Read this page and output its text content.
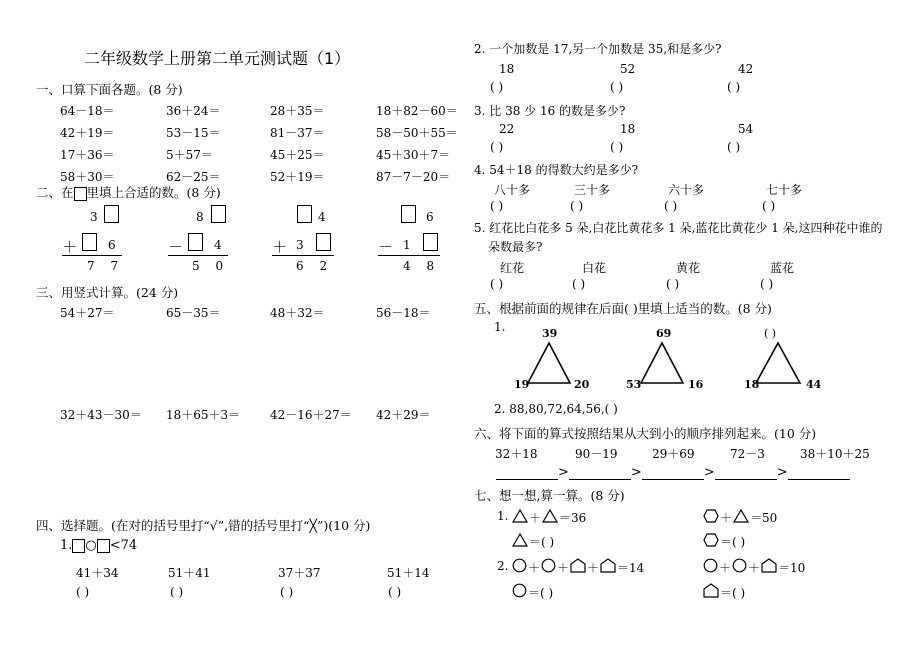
二年级数学上册第二单元测试题（1）
一、口算下面各题。(8 分)
64－18＝	36＋24＝	28＋35＝	18＋82－60＝
42＋19＝	53－15＝	81－37＝	58－50＋55＝
17＋36＝	5＋57＝	45＋25＝	45＋30＋7＝
58＋30＝	62－25＝	52＋19＝	87－7－20＝
二、在 里填上合适的数。(8 分)
3
＋	6
7 7
8
－	4
5 0
4
＋ 3
6 2
6
－ 1
4 8
三、用竖式计算。(24 分)
54＋27＝	65－35＝	48＋32＝	56－18＝
32＋43－30＝ 18＋65＋3＝ 42－16＋27＝ 42＋29＝
四、选择题。(在对的括号里打“√”,错的括号里打“╳”)(10 分)
1. ○ <74
41＋34	51＋41	37＋37	51＋14
( )	( )	( )	( )
2. 一个加数是 17,另一个加数是 35,和是多少?
18	52	42
( )	( )	( )
3. 比 38 少 16 的数是多少?
22	18	54
( )	( )	( )
4. 54＋18 的得数大约是多少?
八十多	三十多	六十多	七十多
( )	( )	( )	( )
5. 红花比白花多 5 朵,白花比黄花多 1 朵,蓝花比黄花少 1 朵,这四种花中谁的
朵数最多?
红花	白花	黄花	蓝花
( )	( )	( )	( )
五、根据前面的规律在后面( )里填上适当的数。(8 分)
1.	39
19	20
69
53	16
( )
18	44
2. 88,80,72,64,56,( )
六、将下面的算式按照结果从大到小的顺序排列起来。(10 分)
32＋18	90－19	29＋69	72－3	38＋10＋25
>	>	>	>
七、想一想,算一算。(8 分)
1. ＋ ＝36
＝( )
＋ ＝50
＝( )
2. ＋ ＋ ＋ ＝14
＝( )
＋ ＋ ＝10
＝( )
